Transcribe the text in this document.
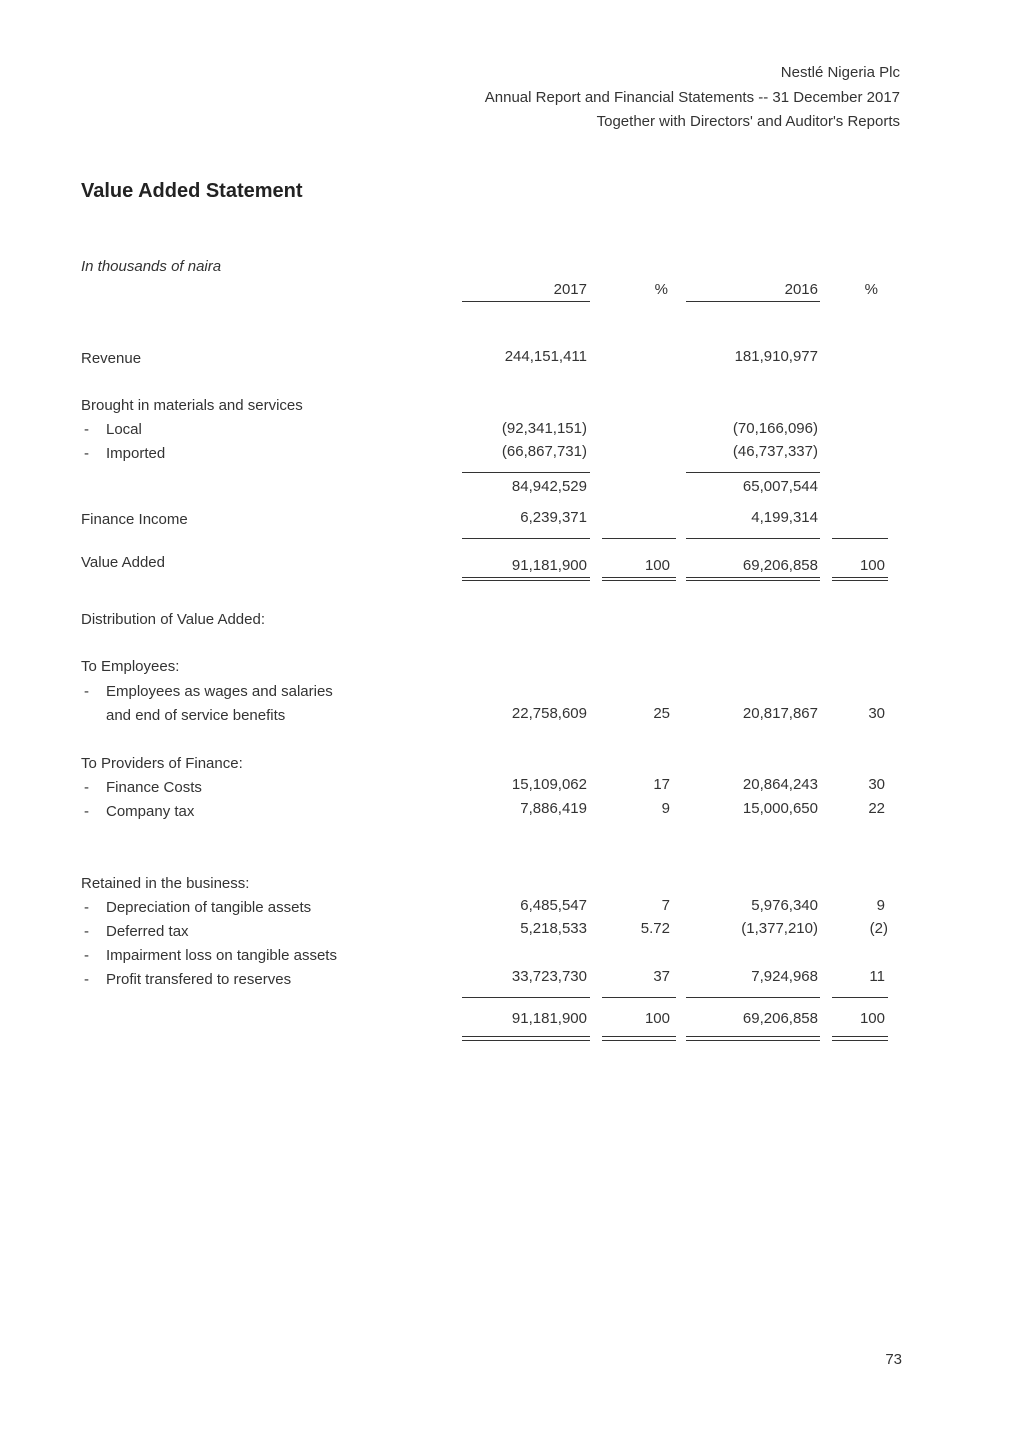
Nestlé Nigeria Plc
Annual Report and Financial Statements -- 31 December 2017
Together with Directors' and Auditor's Reports
Value Added Statement
In thousands of naira
2017	%	2016	%
Revenue	244,151,411	181,910,977
Brought in materials and services
- Local	(92,341,151)	(70,166,096)
- Imported	(66,867,731)	(46,737,337)
84,942,529	65,007,544
Finance Income	6,239,371	4,199,314
Value Added	91,181,900	100	69,206,858	100
Distribution of Value Added:
To Employees:
- Employees as wages and salaries
and end of service benefits	22,758,609	25	20,817,867	30
To Providers of Finance:
- Finance Costs	15,109,062	17	20,864,243	30
- Company tax	7,886,419	9	15,000,650	22
Retained in the business:
- Depreciation of tangible assets	6,485,547	7	5,976,340	9
- Deferred tax	5,218,533	5.72	(1,377,210)	(2)
- Impairment loss on tangible assets
- Profit transfered to reserves	33,723,730	37	7,924,968	11
91,181,900	100	69,206,858	100
73
